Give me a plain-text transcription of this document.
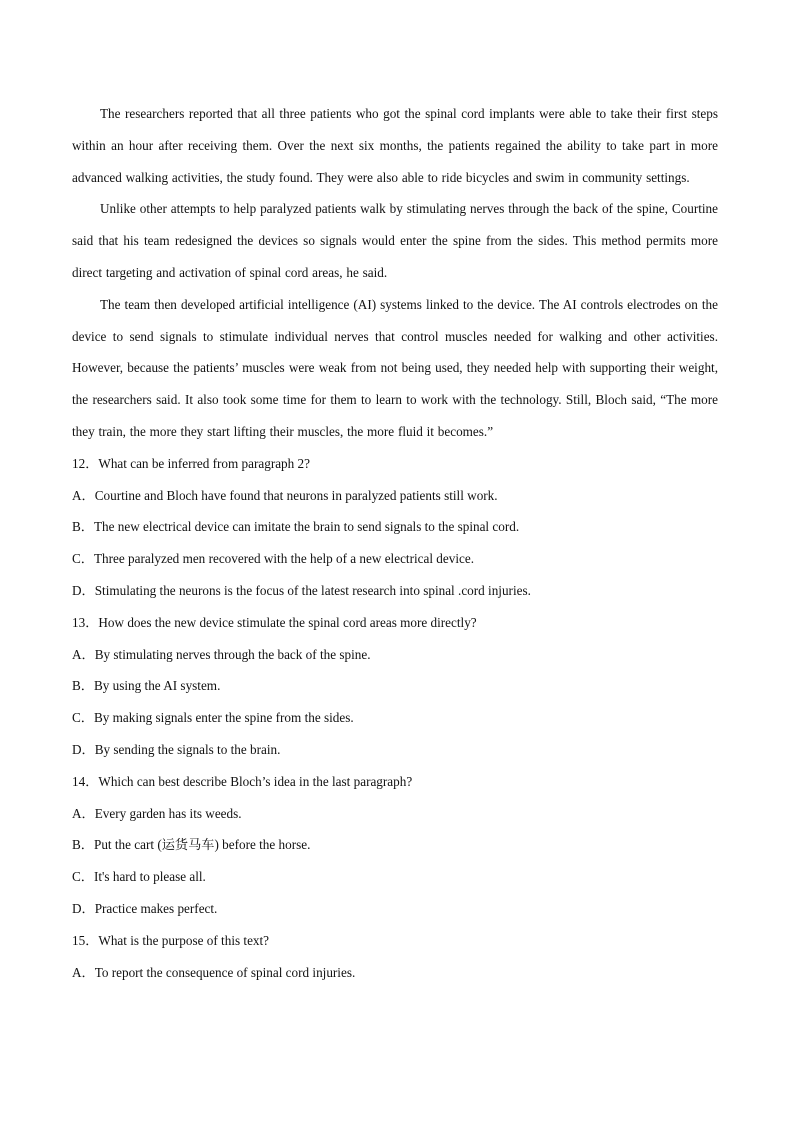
The researchers reported that all three patients who got the spinal cord implants were able to take their first steps within an hour after receiving them. Over the next six months, the patients regained the ability to take part in more advanced walking activities, the study found. They were also able to ride bicycles and swim in community settings.

Unlike other attempts to help paralyzed patients walk by stimulating nerves through the back of the spine, Courtine said that his team redesigned the devices so signals would enter the spine from the sides. This method permits more direct targeting and activation of spinal cord areas, he said.

The team then developed artificial intelligence (AI) systems linked to the device. The AI controls electrodes on the device to send signals to stimulate individual nerves that control muscles needed for walking and other activities. However, because the patients’ muscles were weak from not being used, they needed help with supporting their weight, the researchers said. It also took some time for them to learn to work with the technology. Still, Bloch said, “The more they train, the more they start lifting their muscles, the more fluid it becomes.”

12．What can be inferred from paragraph 2?

A．Courtine and Bloch have found that neurons in paralyzed patients still work.

B．The new electrical device can imitate the brain to send signals to the spinal cord.

C．Three paralyzed men recovered with the help of a new electrical device.

D．Stimulating the neurons is the focus of the latest research into spinal .cord injuries.

13．How does the new device stimulate the spinal cord areas more directly?

A．By stimulating nerves through the back of the spine.

B．By using the AI system.

C．By making signals enter the spine from the sides.

D．By sending the signals to the brain.

14．Which can best describe Bloch’s idea in the last paragraph?

A．Every garden has its weeds.

B．Put the cart (运货马车) before the horse.

C．It's hard to please all.

D．Practice makes perfect.

15．What is the purpose of this text?

A．To report the consequence of spinal cord injuries.
